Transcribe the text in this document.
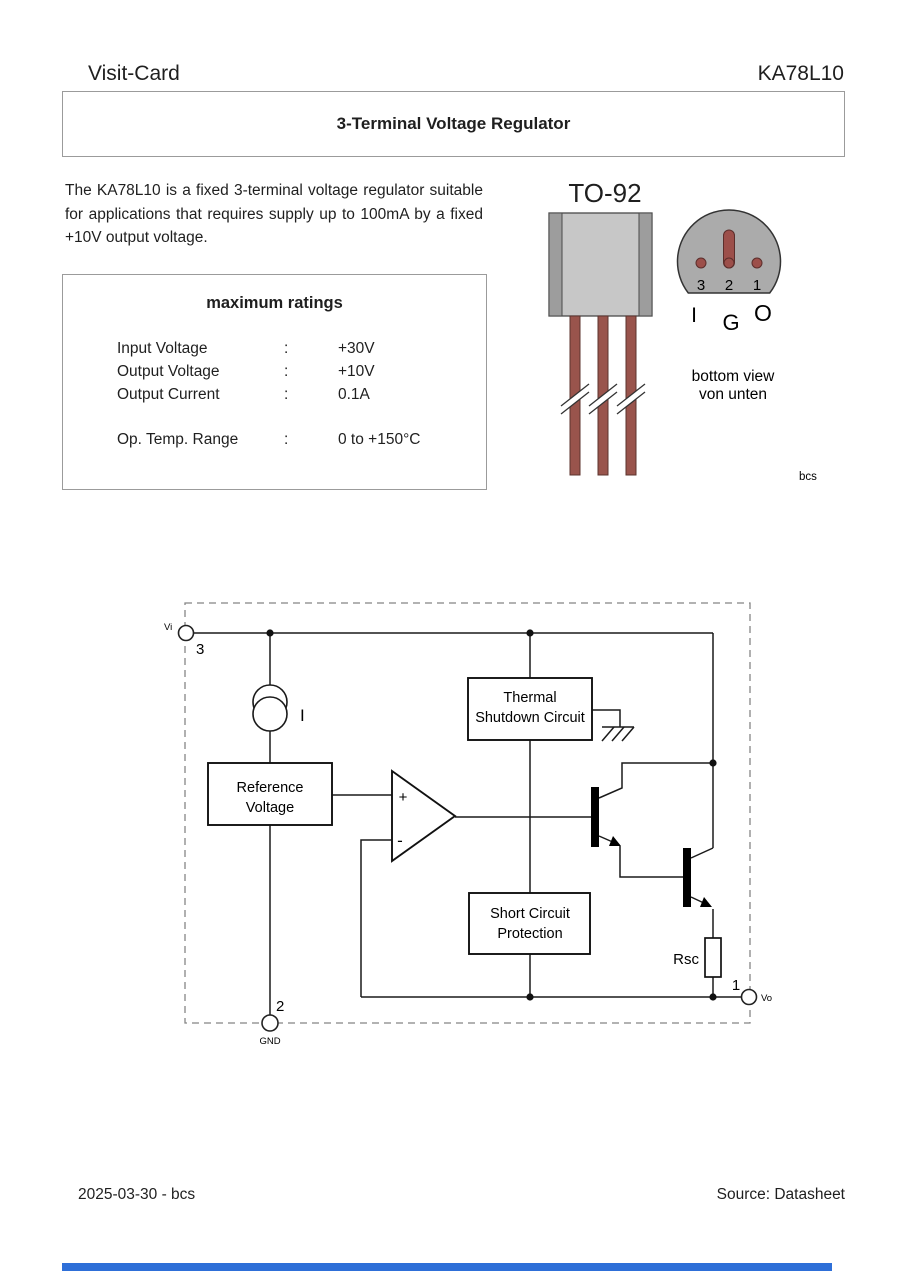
Visit-Card	KA78L10
3-Terminal Voltage Regulator
The KA78L10 is a fixed 3-terminal voltage regulator suitable for applications that requires supply up to 100mA by a fixed +10V output voltage.
maximum ratings
Input Voltage	:	+30V
Output Voltage	:	+10V
Output Current	:	0.1A
Op. Temp. Range	:	0 to +150°C
TO-92
3 2 1
I G O
bottom view
von unten
bcs
I
Reference
Voltage
Thermal
Shutdown Circuit
Short Circuit
Protection
+
-
Rsc
Vi
3
2
GND
1
Vo
2025-03-30 - bcs	Source: Datasheet
